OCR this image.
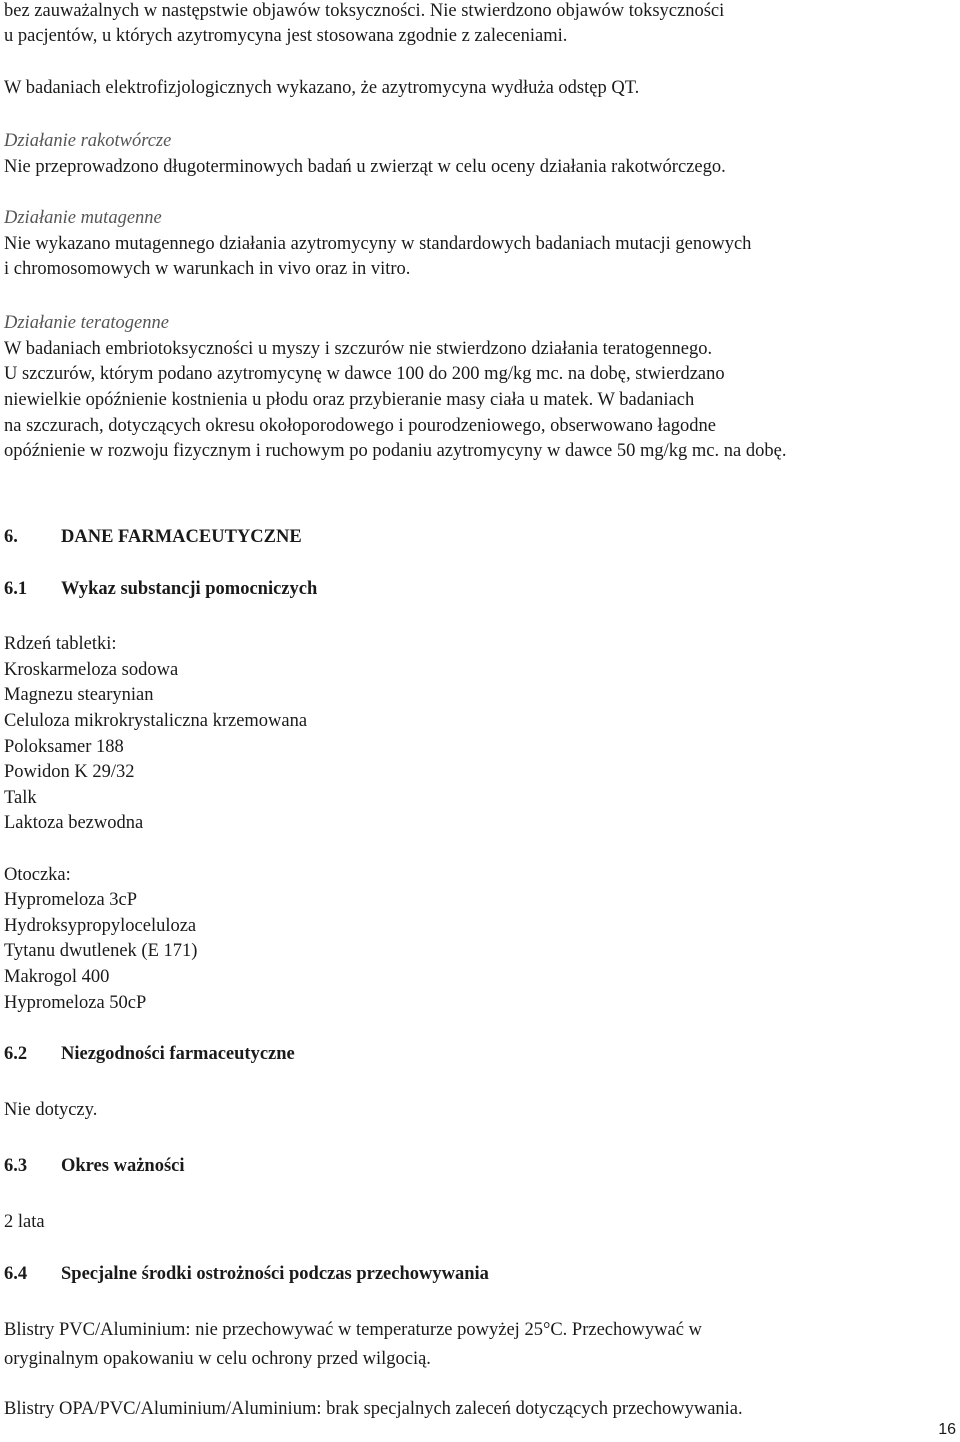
bez zauważalnych w następstwie objawów toksyczności. Nie stwierdzono objawów toksyczności
u pacjentów, u których azytromycyna jest stosowana zgodnie z zaleceniami.
W badaniach elektrofizjologicznych wykazano, że azytromycyna wydłuża odstęp QT.
Działanie rakotwórcze
Nie przeprowadzono długoterminowych badań u zwierząt w celu oceny działania rakotwórczego.
Działanie mutagenne
Nie wykazano mutagennego działania azytromycyny w standardowych badaniach mutacji genowych
i chromosomowych w warunkach in vivo oraz in vitro.
Działanie teratogenne
W badaniach embriotoksyczności u myszy i szczurów nie stwierdzono działania teratogennego.
U szczurów, którym podano azytromycynę w dawce 100 do 200 mg/kg mc. na dobę, stwierdzano
niewielkie opóźnienie kostnienia u płodu oraz przybieranie masy ciała u matek. W badaniach
na szczurach, dotyczących okresu okołoporodowego i pourodzeniowego, obserwowano łagodne
opóźnienie w rozwoju fizycznym i ruchowym po podaniu azytromycyny w dawce 50 mg/kg mc. na dobę.
6. DANE FARMACEUTYCZNE
6.1 Wykaz substancji pomocniczych
Rdzeń tabletki:
Kroskarmeloza sodowa
Magnezu stearynian
Celuloza mikrokrystaliczna krzemowana
Poloksamer 188
Powidon K 29/32
Talk
Laktoza bezwodna
Otoczka:
Hypromeloza 3cP
Hydroksypropyloceluloza
Tytanu dwutlenek (E 171)
Makrogol 400
Hypromeloza 50cP
6.2 Niezgodności farmaceutyczne
Nie dotyczy.
6.3 Okres ważności
2 lata
6.4 Specjalne środki ostrożności podczas przechowywania
Blistry PVC/Aluminium: nie przechowywać w temperaturze powyżej 25°C. Przechowywać w
oryginalnym opakowaniu w celu ochrony przed wilgocią.
Blistry OPA/PVC/Aluminium/Aluminium: brak specjalnych zaleceń dotyczących przechowywania.
16
